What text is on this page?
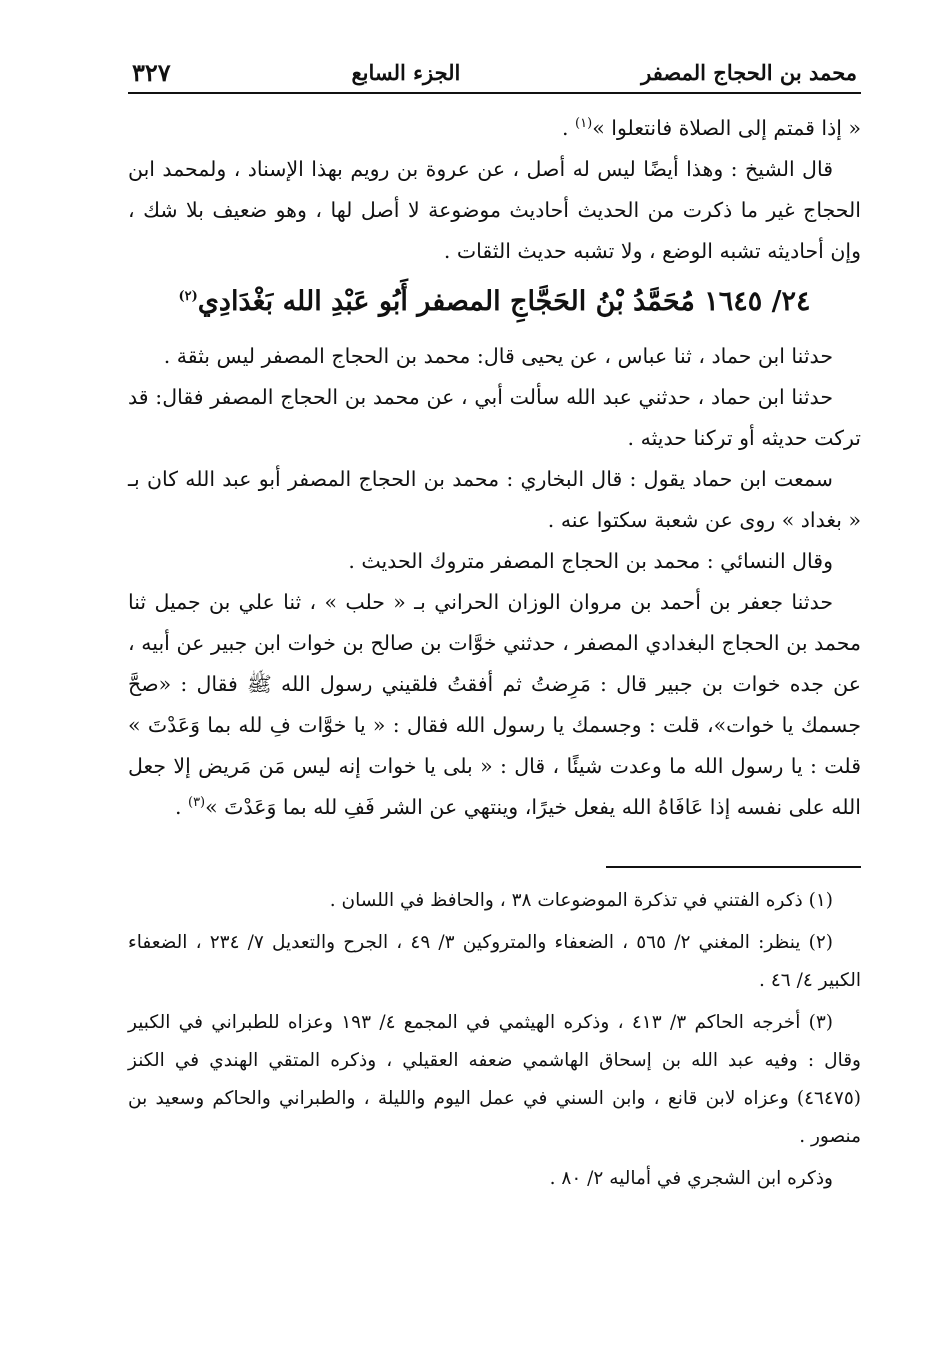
محمد بن الحجاج المصفر
الجزء السابع
٣٢٧

« إذا قمتم إلى الصلاة فانتعلوا »$^{(١)}$ .

قال الشيخ : وهذا أيضًا ليس له أصل ، عن عروة بن رويم بهذا الإسناد ، ولمحمد ابن الحجاج غير ما ذكرت من الحديث أحاديث موضوعة لا أصل لها ، وهو ضعيف بلا شك ، وإن أحاديثه تشبه الوضع ، ولا تشبه حديث الثقات .

٢٤/ ١٦٤٥ مُحَمَّدُ بْنُ الحَجَّاجِ المصفر أَبُو عَبْدِ الله بَغْدَادِي$^{(٢)}$

حدثنا ابن حماد ، ثنا عباس ، عن يحيى قال: محمد بن الحجاج المصفر ليس بثقة .

حدثنا ابن حماد ، حدثني عبد الله سألت أبي ، عن محمد بن الحجاج المصفر فقال: قد تركت حديثه أو تركنا حديثه .

سمعت ابن حماد يقول : قال البخاري : محمد بن الحجاج المصفر أبو عبد الله كان بـ « بغداد » روى عن شعبة سكتوا عنه .

وقال النسائي : محمد بن الحجاج المصفر متروك الحديث .

حدثنا جعفر بن أحمد بن مروان الوزان الحراني بـ « حلب » ، ثنا علي بن جميل ثنا محمد بن الحجاج البغدادي المصفر ، حدثني خوَّات بن صالح بن خوات ابن جبير عن أبيه ، عن جده خوات بن جبير قال : مَرِضتُ ثم أفقتُ فلقيني رسول الله ﷺ فقال : «صحَّ جسمك يا خوات»، قلت : وجسمك يا رسول الله فقال : « يا خوَّات فِ لله بما وَعَدْتَ » قلت : يا رسول الله ما وعدت شيئًا ، قال : « بلى يا خوات إنه ليس مَن مَريض إلا جعل الله على نفسه إذا عَافَاهُ الله يفعل خيرًا، وينتهي عن الشر فَفِ لله بما وَعَدْتَ »$^{(٣)}$ .

(١) ذكره الفتني في تذكرة الموضوعات ٣٨ ، والحافظ في اللسان .

(٢) ينظر: المغني ٢/ ٥٦٥ ، الضعفاء والمتروكين ٣/ ٤٩ ، الجرح والتعديل ٧/ ٢٣٤ ، الضعفاء الكبير ٤/ ٤٦ .

(٣) أخرجه الحاكم ٣/ ٤١٣ ، وذكره الهيثمي في المجمع ٤/ ١٩٣ وعزاه للطبراني في الكبير وقال : وفيه عبد الله بن إسحاق الهاشمي ضعفه العقيلي ، وذكره المتقي الهندي في الكنز (٤٦٤٧٥) وعزاه لابن قانع ، وابن السني في عمل اليوم والليلة ، والطبراني والحاكم وسعيد بن منصور .

وذكره ابن الشجري في أماليه ٢/ ٨٠ .
